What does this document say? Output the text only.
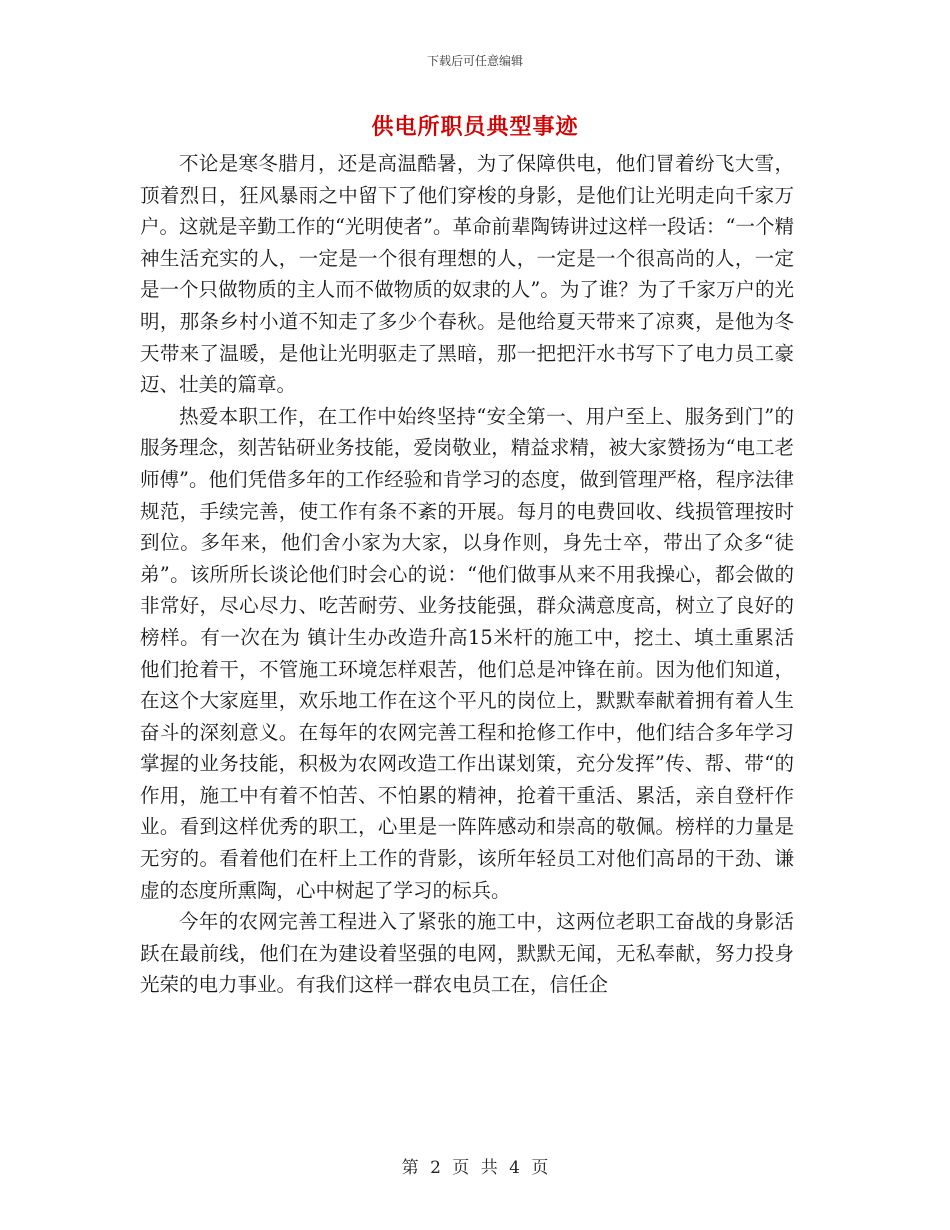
下载后可任意编辑
供电所职员典型事迹

不论是寒冬腊月，还是高温酷暑，为了保障供电，他们冒着纷飞大雪，顶着烈日，狂风暴雨之中留下了他们穿梭的身影，是他们让光明走向千家万户。这就是辛勤工作的“光明使者”。革命前辈陶铸讲过这样一段话：“一个精神生活充实的人，一定是一个很有理想的人，一定是一个很高尚的人，一定是一个只做物质的主人而不做物质的奴隶的人”。为了谁？为了千家万户的光明，那条乡村小道不知走了多少个春秋。是他给夏天带来了凉爽，是他为冬天带来了温暖，是他让光明驱走了黑暗，那一把把汗水书写下了电力员工豪迈、壮美的篇章。

热爱本职工作，在工作中始终坚持“安全第一、用户至上、服务到门”的服务理念，刻苦钻研业务技能，爱岗敬业，精益求精，被大家赞扬为“电工老师傅”。他们凭借多年的工作经验和肯学习的态度，做到管理严格，程序法律规范，手续完善，使工作有条不紊的开展。每月的电费回收、线损管理按时到位。多年来，他们舍小家为大家，以身作则，身先士卒，带出了众多“徒弟”。该所所长谈论他们时会心的说：“他们做事从来不用我操心，都会做的非常好，尽心尽力、吃苦耐劳、业务技能强，群众满意度高，树立了良好的榜样。有一次在为 镇计生办改造升高15米杆的施工中，挖土、填土重累活他们抢着干，不管施工环境怎样艰苦，他们总是冲锋在前。因为他们知道，在这个大家庭里，欢乐地工作在这个平凡的岗位上，默默奉献着拥有着人生奋斗的深刻意义。在每年的农网完善工程和抢修工作中，他们结合多年学习掌握的业务技能，积极为农网改造工作出谋划策，充分发挥”传、帮、带“的作用，施工中有着不怕苦、不怕累的精神，抢着干重活、累活，亲自登杆作业。看到这样优秀的职工，心里是一阵阵感动和崇高的敬佩。榜样的力量是无穷的。看着他们在杆上工作的背影，该所年轻员工对他们高昂的干劲、谦虚的态度所熏陶，心中树起了学习的标兵。

今年的农网完善工程进入了紧张的施工中，这两位老职工奋战的身影活跃在最前线，他们在为建设着坚强的电网，默默无闻，无私奉献，努力投身光荣的电力事业。有我们这样一群农电员工在，信任企

第 2 页 共 4 页
